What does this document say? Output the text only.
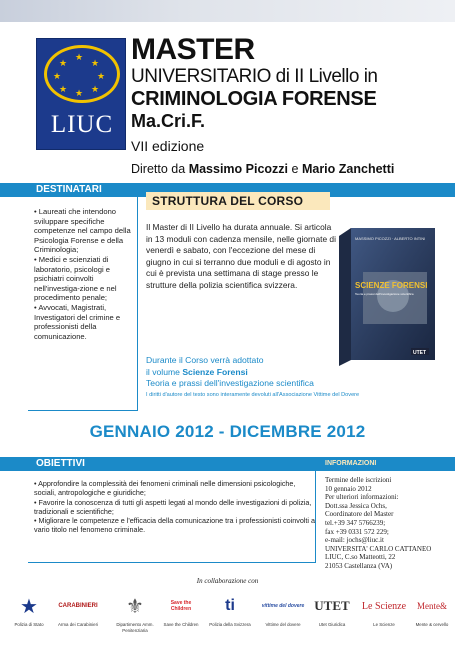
★
★	★
★	★
★	★
★
LIUC
MASTER
UNIVERSITARIO di II Livello in
CRIMINOLOGIA FORENSE
Ma.Cri.F.
VII edizione
Diretto da Massimo Picozzi e Mario Zanchetti
DESTINATARI
STRUTTURA DEL CORSO
• Laureati che intendono sviluppare specifiche competenze nel campo della Psicologia Forense e della Criminologia;
• Medici e scienziati di laboratorio, psicologi e psichiatri coinvolti nell'investiga-zione e nel procedimento penale;
• Avvocati, Magistrati, Investigatori del crimine e professionisti della comunicazione.
Il Master di II Livello ha durata annuale. Si articola in 13 moduli con cadenza mensile, nelle giornate di venerdì e sabato, con l'eccezione del mese di giugno in cui si terranno due moduli e di agosto in cui è prevista una settimana di stage presso le strutture della polizia scientifica svizzera.
MASSIMO PICOZZI · ALBERTO INTINI
SCIENZE FORENSI
Teoria e prassi dell'investigazione scientifica
UTET
Durante il Corso verrà adottato
il volume Scienze Forensi
Teoria e prassi dell'investigazione scientifica
I diritti d'autore del testo sono interamente devoluti all'Associazione Vittime del Dovere
GENNAIO 2012 - DICEMBRE 2012
OBIETTIVI	INFORMAZIONI
• Approfondire la complessità dei fenomeni criminali nelle dimensioni psicologiche, sociali, antropologiche e giuridiche;
• Favorire la conoscenza di tutti gli aspetti legati al mondo delle investigazioni di polizia, tradizionali e scientifiche;
• Migliorare le competenze e l'efficacia della comunicazione tra i professionisti coinvolti a vario titolo nel fenomeno criminale.
Termine delle iscrizioni
10 gennaio 2012
Per ulteriori informazioni:
Dott.ssa Jessica Ochs,
Coordinatore del Master
tel.+39 347 5766239;
fax +39 0331 572 229;
e-mail: jochs@liuc.it
UNIVERSITA' CARLO CATTANEO
LIUC, C.so Matteotti, 22
21053 Castellanza (VA)
In collaborazione con
★
Polizia di Stato
CARABINIERI
Arma dei Carabinieri
⚜
Dipartimento Amm. Penitenziaria
Save the Children
Save the Children
ti
Polizia della Svizzera
vittime del dovere
Vittime del dovere
UTET
Utet Giuridica
Le Scienze
Le Scienze
Mente&
Mente & cervello
